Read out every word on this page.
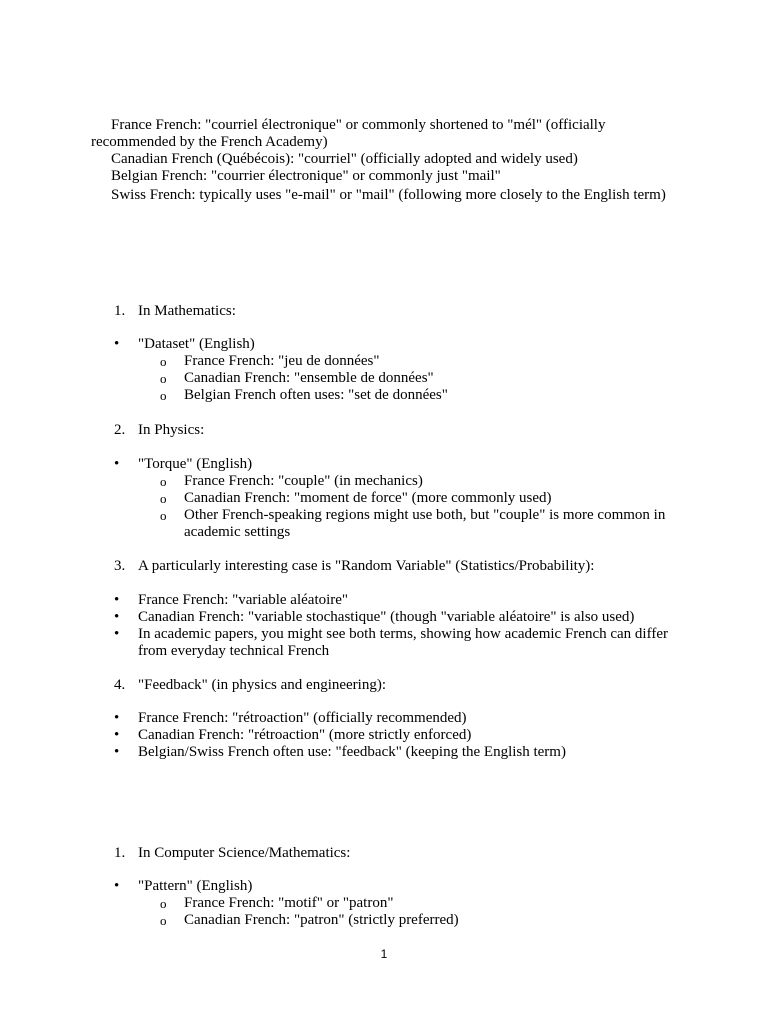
France French: "courriel électronique" or commonly shortened to "mél" (officially recommended by the French Academy)

Canadian French (Québécois): "courriel" (officially adopted and widely used)

Belgian French: "courrier électronique" or commonly just "mail"

Swiss French: typically uses "e-mail" or "mail" (following more closely to the English term)

1. In Mathematics:
• "Dataset" (English)
o France French: "jeu de données"
o Canadian French: "ensemble de données"
o Belgian French often uses: "set de données"
2. In Physics:
• "Torque" (English)
o France French: "couple" (in mechanics)
o Canadian French: "moment de force" (more commonly used)
o Other French-speaking regions might use both, but "couple" is more common in academic settings
3. A particularly interesting case is "Random Variable" (Statistics/Probability):
• France French: "variable aléatoire"
• Canadian French: "variable stochastique" (though "variable aléatoire" is also used)
• In academic papers, you might see both terms, showing how academic French can differ from everyday technical French
4. "Feedback" (in physics and engineering):
• France French: "rétroaction" (officially recommended)
• Canadian French: "rétroaction" (more strictly enforced)
• Belgian/Swiss French often use: "feedback" (keeping the English term)
1. In Computer Science/Mathematics:
• "Pattern" (English)
o France French: "motif" or "patron"
o Canadian French: "patron" (strictly preferred)
1
